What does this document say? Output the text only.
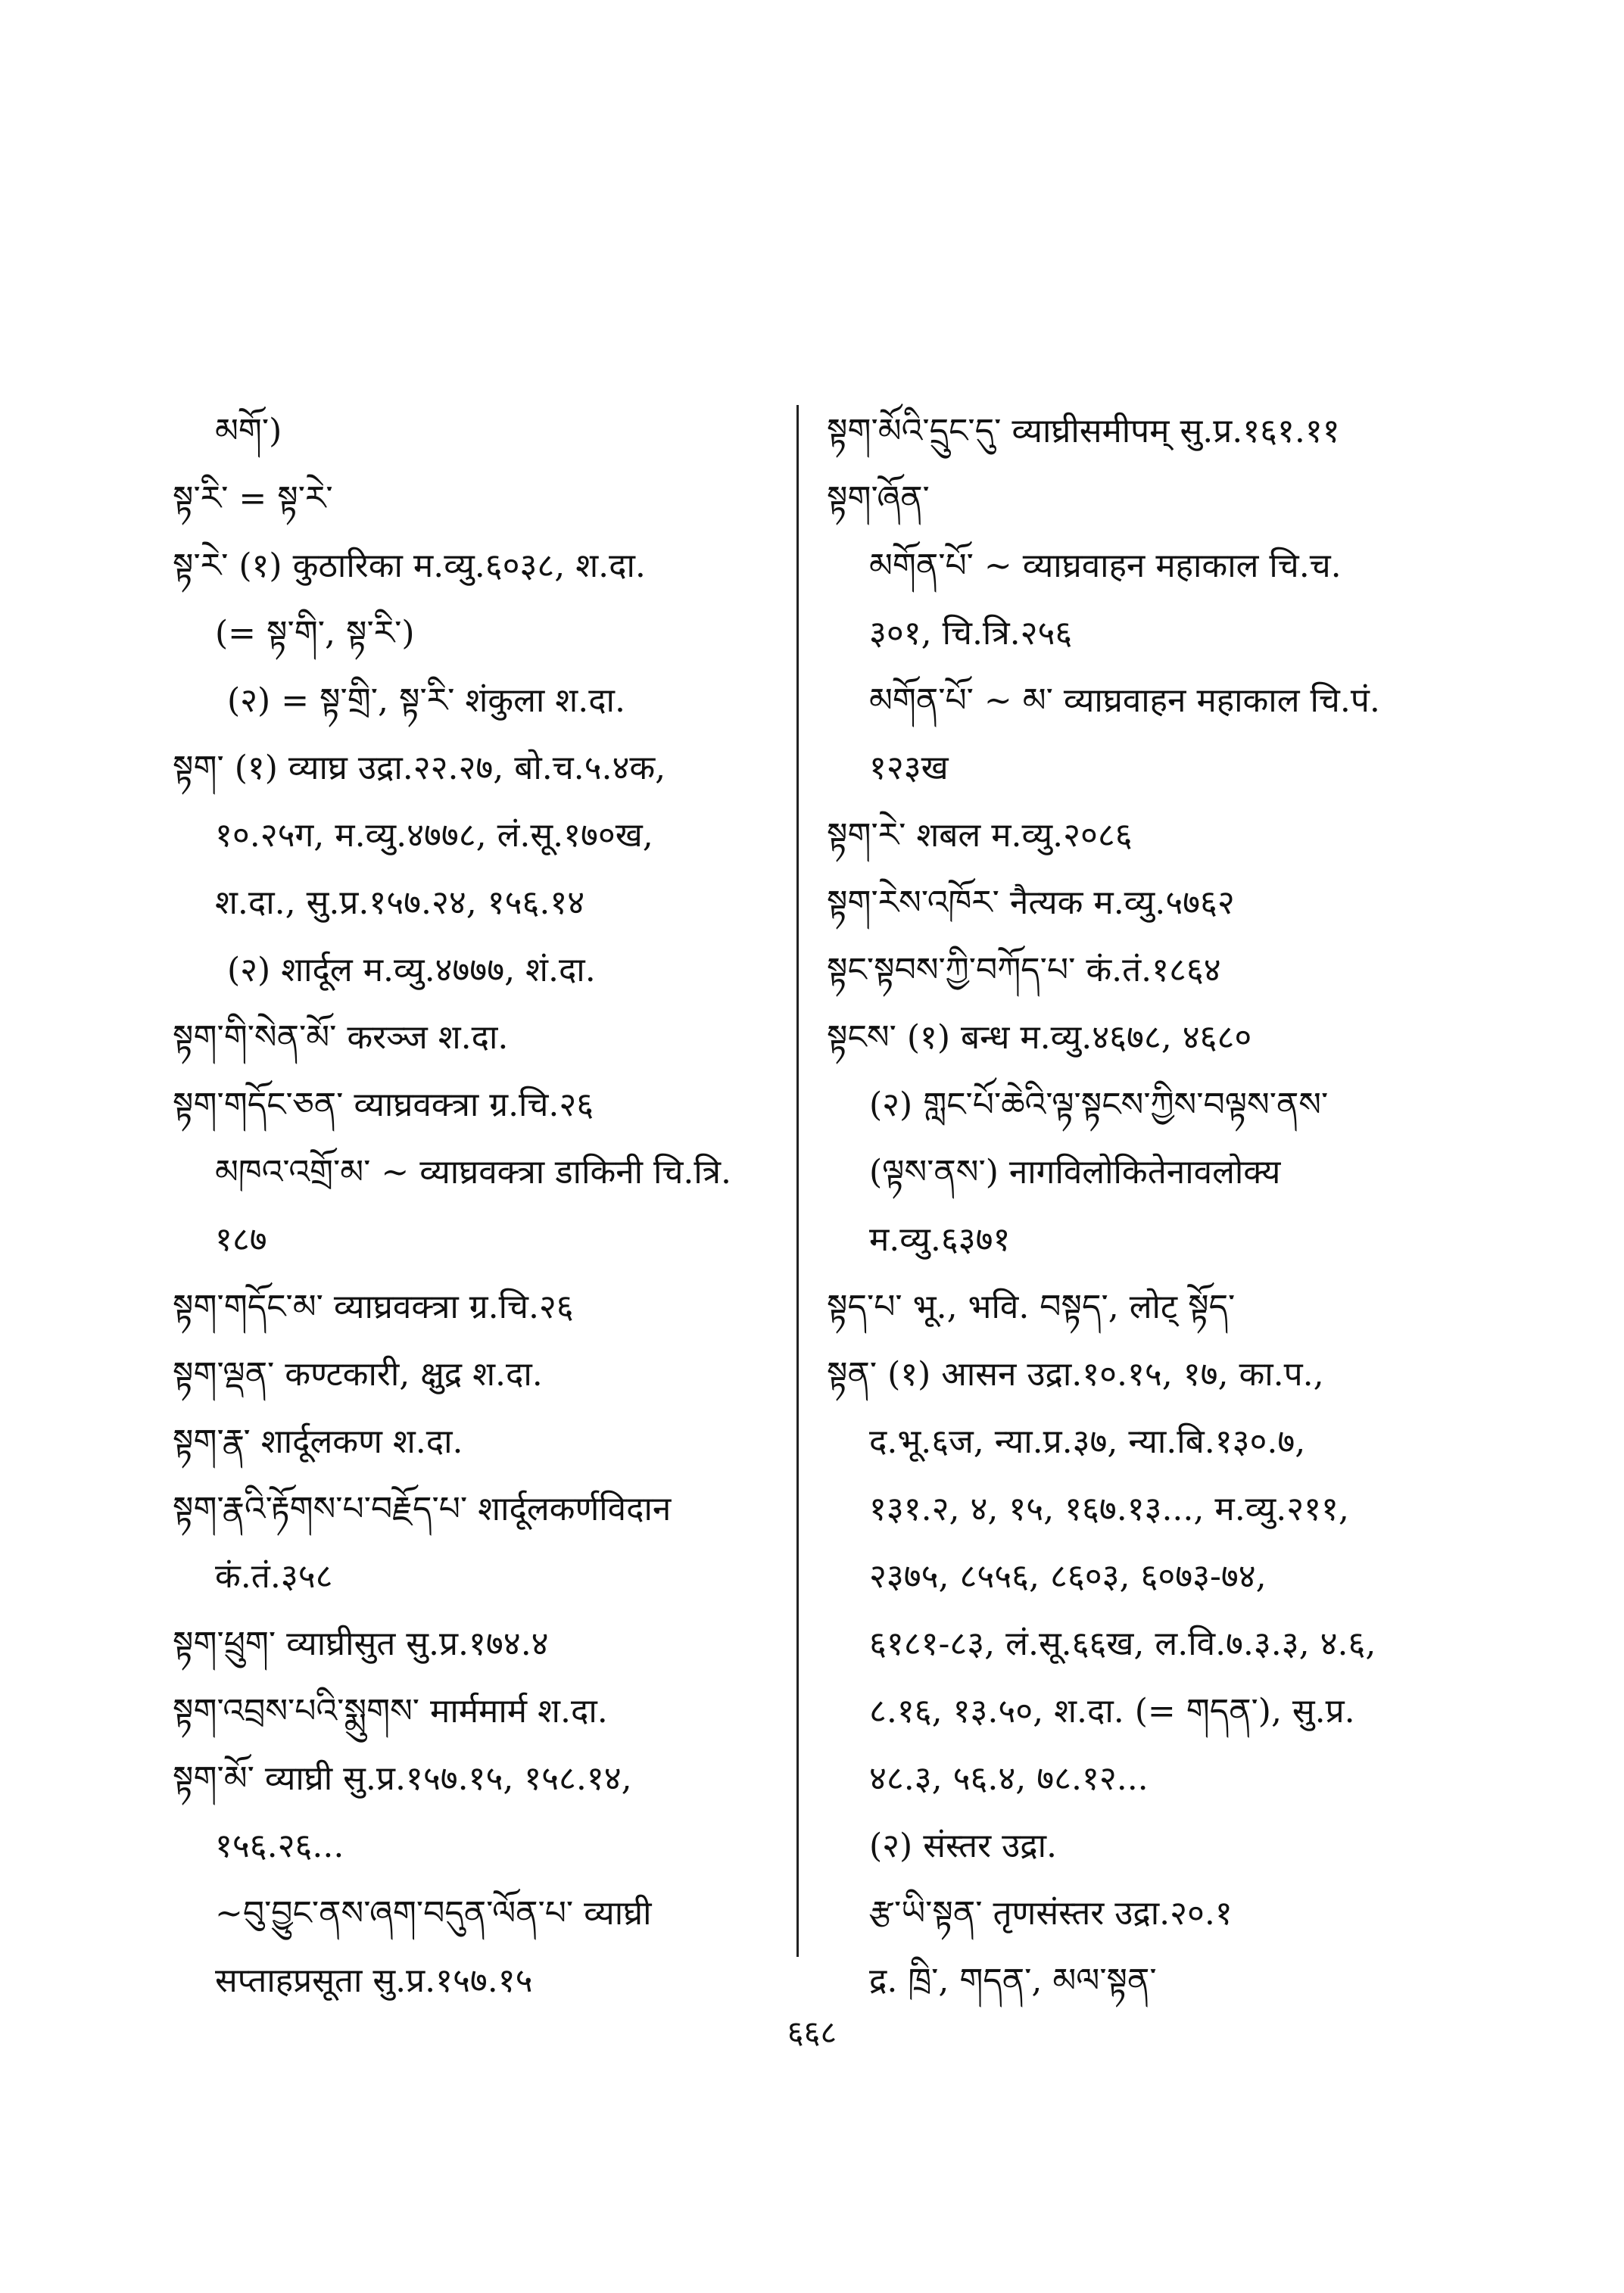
མགོ་)
སྟ་རི་ = སྟ་རེ་
སྟ་རེ་ (१) कुठारिका म.व्यु.६०३८, श.दा.
(= སྟ་གི་, སྟ་རི་)
(२) = སྟ་གྲི་, སྟ་རི་ शंकुला श.दा.
སྟག་ (१) व्याघ्र उद्रा.२२.२७, बो.च.५.४क,
१०.२५ग, म.व्यु.४७७८, लं.सू.१७०ख,
श.दा., सु.प्र.१५७.२४, १५६.१४
(२) शार्दूल म.व्यु.४७७७, शं.दा.
སྟག་གི་སེན་མོ་ करञ्ज श.दा.
སྟག་གདོང་ཅན་ व्याघ्रवक्त्रा ग्र.चि.२६
མཁའ་འགྲོ་མ་ ~ व्याघ्रवक्त्रा डाकिनी चि.त्रि.
१८७
སྟག་གདོང་མ་ व्याघ्रवक्त्रा ग्र.चि.२६
སྟག་ལྡན་ कण्टकारी, क्षुद्र श.दा.
སྟག་རྣ་ शार्दूलकण श.दा.
སྟག་རྣའི་རྟོགས་པ་བརྗོད་པ་ शार्दूलकर्णविदान
कं.तं.३५८
སྟག་ཕྲུག་ व्याघ्रीसुत सु.प्र.१७४.४
སྟག་འབྲས་པའི་སྨུགས་ मार्ममार्म श.दा.
སྟག་མོ་ व्याघ्री सु.प्र.१५७.१५, १५८.१४,
१५६.२६...
~བུ་བྱུང་ནས་ཞག་བདུན་ལོན་པ་ व्याघ्री
सप्ताहप्रसूता सु.प्र.१५७.१५
སྟག་མོའི་དྲུང་དུ་ व्याघ्रीसमीपम् सु.प्र.१६१.११
སྟག་ཞོན་
མགོན་པོ་ ~ व्याघ्रवाहन महाकाल चि.च.
३०१, चि.त्रि.२५६
མགོན་པོ་ ~ མ་ व्याघ्रवाहन महाकाल चि.पं.
१२३ख
སྟག་རེ་ शबल म.व्यु.२०८६
སྟག་རེས་འཁོར་ नैत्यक म.व्यु.५७६२
སྟང་སྟབས་ཀྱི་བཀོད་པ་ कं.तं.१८६४
སྟངས་ (१) बन्ध म.व्यु.४६७८, ४६८०
(२) གླང་པོ་ཆེའི་ལྟ་སྟངས་ཀྱིས་བལྟས་ནས་
(ལྟས་ནས་) नागविलोकितेनावलोक्य
म.व्यु.६३७१
སྟད་པ་ भू., भवि. བསྟད་, लोट् སྟོད་
སྟན་ (१) आसन उद्रा.१०.१५, १७, का.प.,
द.भू.६ज, न्या.प्र.३७, न्या.बि.१३०.७,
१३१.२, ४, १५, १६७.१३..., म.व्यु.२११,
२३७५, ८५५६, ८६०३, ६०७३-७४,
६१८१-८३, लं.सू.६६ख, ल.वि.७.३.३, ४.६,
८.१६, १३.५०, श.दा. (= གདན་), सु.प्र.
४८.३, ५६.४, ७८.१२...
(२) संस्तर उद्रा.
རྩ་ཡི་སྟན་ तृणसंस्तर उद्रा.२०.१
द्र. ཁྲི་, གདན་, མལ་སྟན་
६६८
